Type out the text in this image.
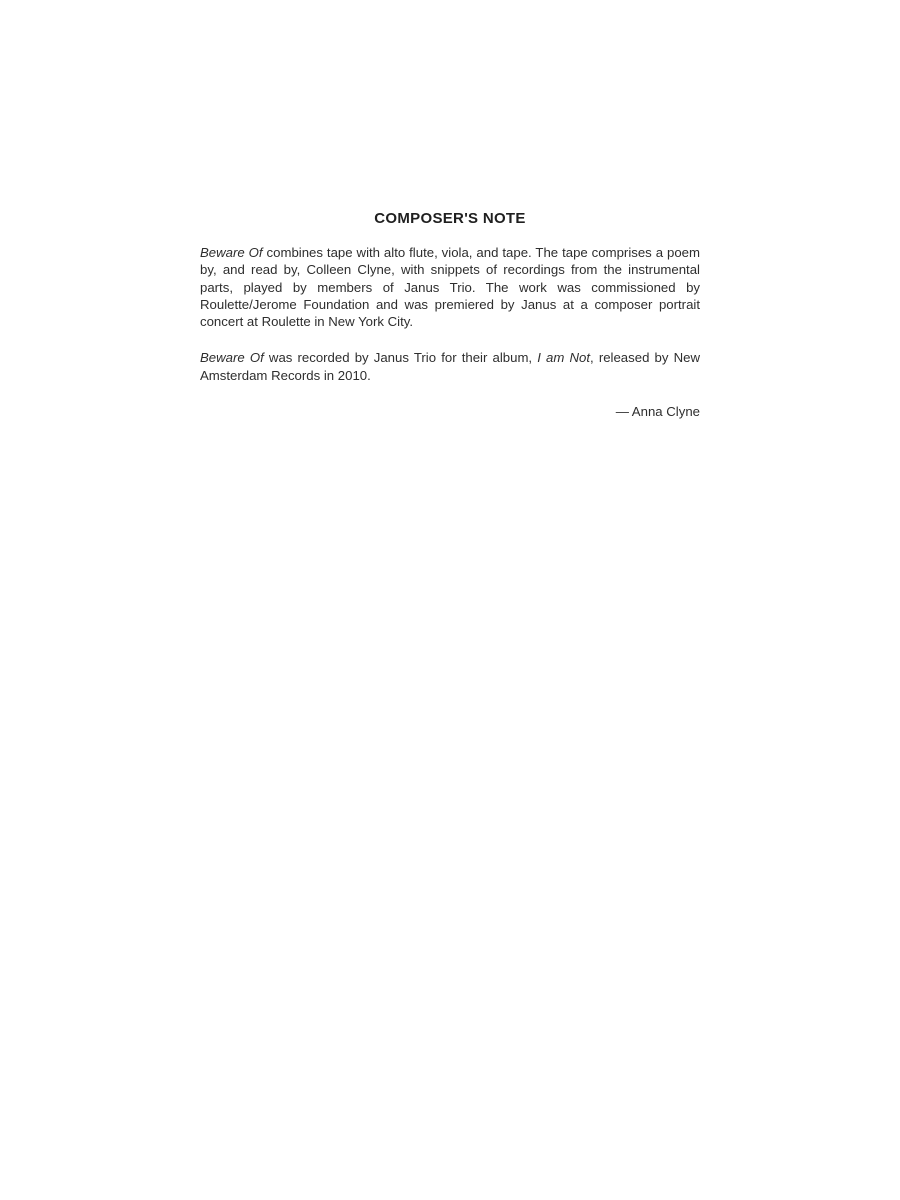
COMPOSER'S NOTE

Beware Of combines tape with alto flute, viola, and tape. The tape comprises a poem by, and read by, Colleen Clyne, with snippets of recordings from the instrumental parts, played by members of Janus Trio. The work was commissioned by Roulette/Jerome Foundation and was premiered by Janus at a composer portrait concert at Roulette in New York City.

Beware Of was recorded by Janus Trio for their album, I am Not, released by New Amsterdam Records in 2010.

— Anna Clyne
